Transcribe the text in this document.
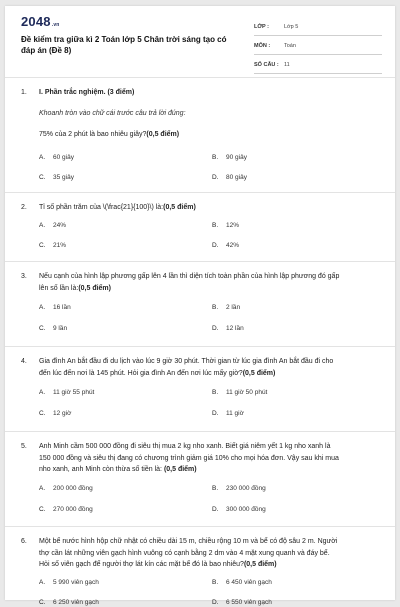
2048.vn
Đề kiểm tra giữa kì 2 Toán lớp 5 Chân trời sáng tạo có đáp án (Đề 8)
LỚP :	Lớp 5
MÔN :	Toán
SỐ CÂU : 11
1. I. Phần trắc nghiệm. (3 điểm)
Khoanh tròn vào chữ cái trước câu trả lời đúng:
75% của 2 phút là bao nhiêu giây?(0,5 điểm)
A. 60 giây	B. 90 giây
C. 35 giây	D. 80 giây
2. Tỉ số phần trăm của \(\frac{21}{100}\) là:(0,5 điểm)
A. 24%	B. 12%
C. 21%	D. 42%
3. Nếu cạnh của hình lập phương gấp lên 4 lần thì diện tích toàn phần của hình lập phương đó gấp
lên số lần là:(0,5 điểm)
A. 16 lần	B. 2 lần
C. 9 lần	D. 12 lần
4. Gia đình An bắt đầu đi du lịch vào lúc 9 giờ 30 phút. Thời gian từ lúc gia đình An bắt đầu đi cho
đến lúc đến nơi là 145 phút. Hỏi gia đình An đến nơi lúc mấy giờ?(0,5 điểm)
A. 11 giờ 55 phút	B. 11 giờ 50 phút
C. 12 giờ	D. 11 giờ
5. Anh Minh cầm 500 000 đồng đi siêu thị mua 2 kg nho xanh. Biết giá niêm yết 1 kg nho xanh là
150 000 đồng và siêu thị đang có chương trình giảm giá 10% cho mọi hóa đơn. Vậy sau khi mua
nho xanh, anh Minh còn thừa số tiền là: (0,5 điểm)
A. 200 000 đồng	B. 230 000 đồng
C. 270 000 đồng	D. 300 000 đồng
6. Một bể nước hình hộp chữ nhật có chiều dài 15 m, chiều rộng 10 m và bể có độ sâu 2 m. Người
thợ cần lát những viên gạch hình vuông có cạnh bằng 2 dm vào 4 mặt xung quanh và đáy bể.
Hỏi số viên gạch để người thợ lát kín các mặt bể đó là bao nhiêu?(0,5 điểm)
A. 5 990 viên gạch	B. 6 450 viên gạch
C. 6 250 viên gạch	D. 6 550 viên gạch
